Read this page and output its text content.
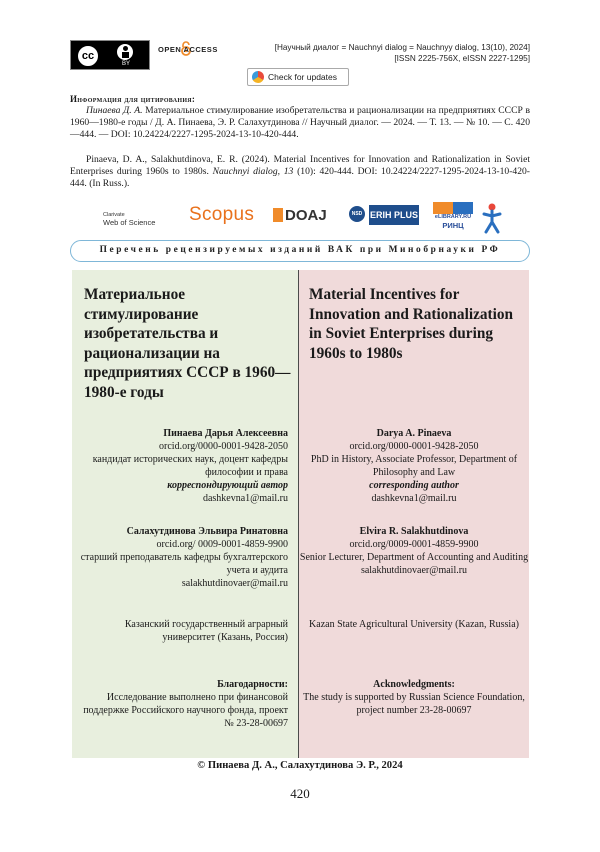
cc
BY
OPEN ACCESS	[Научный диалог = Nauchnyi dialog = Nauchnyy dialog, 13(10), 2024]
[ISSN 2225-756X, eISSN 2227-1295]
Check for updates
Информация для цитирования:

Пинаева Д. А. Материальное стимулирование изобретательства и рационализации на предприятиях СССР в 1960—1980-е годы / Д. А. Пинаева, Э. Р. Салахутдинова // Научный диалог. — 2024. — Т. 13. — № 10. — С. 420—444. — DOI: 10.24224/2227-1295-2024-13-10-420-444.

Pinaeva, D. A., Salakhutdinova, E. R. (2024). Material Incentives for Innovation and Rationalization in Soviet Enterprises during 1960s to 1980s. Nauchnyi dialog, 13 (10): 420-444. DOI: 10.24224/2227-1295-2024-13-10-420-444. (In Russ.).

Clarivate
Web of Science	Scopus	DOAJ	NSD ERIH PLUS	eLIBRARY.RU
РИНЦ
Перечень рецензируемых изданий ВАК при Минобрнауки РФ
Материальное стимулирование изобретательства и рационализации на предприятиях СССР в 1960—1980-е годы
Пинаева Дарья Алексеевна
orcid.org/0000-0001-9428-2050
кандидат исторических наук, доцент кафедры философии и права
корреспондирующий автор
dashkevna1@mail.ru
Салахутдинова Эльвира Ринатовна
orcid.org/ 0009-0001-4859-9900
старший преподаватель кафедры бухгалтерского учета и аудита
salakhutdinovaer@mail.ru
Казанский государственный аграрный университет (Казань, Россия)
Благодарности:
Исследование выполнено при финансовой поддержке Российского научного фонда, проект № 23-28-00697
Material Incentives for Innovation and Rationalization in Soviet Enterprises during 1960s to 1980s
Darya A. Pinaeva
orcid.org/0000-0001-9428-2050
PhD in History, Associate Professor, Department of Philosophy and Law
corresponding author
dashkevna1@mail.ru
Elvira R. Salakhutdinova
orcid.org/0009-0001-4859-9900
Senior Lecturer, Department of Accounting and Auditing
salakhutdinovaer@mail.ru
Kazan State Agricultural University (Kazan, Russia)
Acknowledgments:
The study is supported by Russian Science Foundation, project number 23-28-00697
© Пинаева Д. А., Салахутдинова Э. Р., 2024
420
